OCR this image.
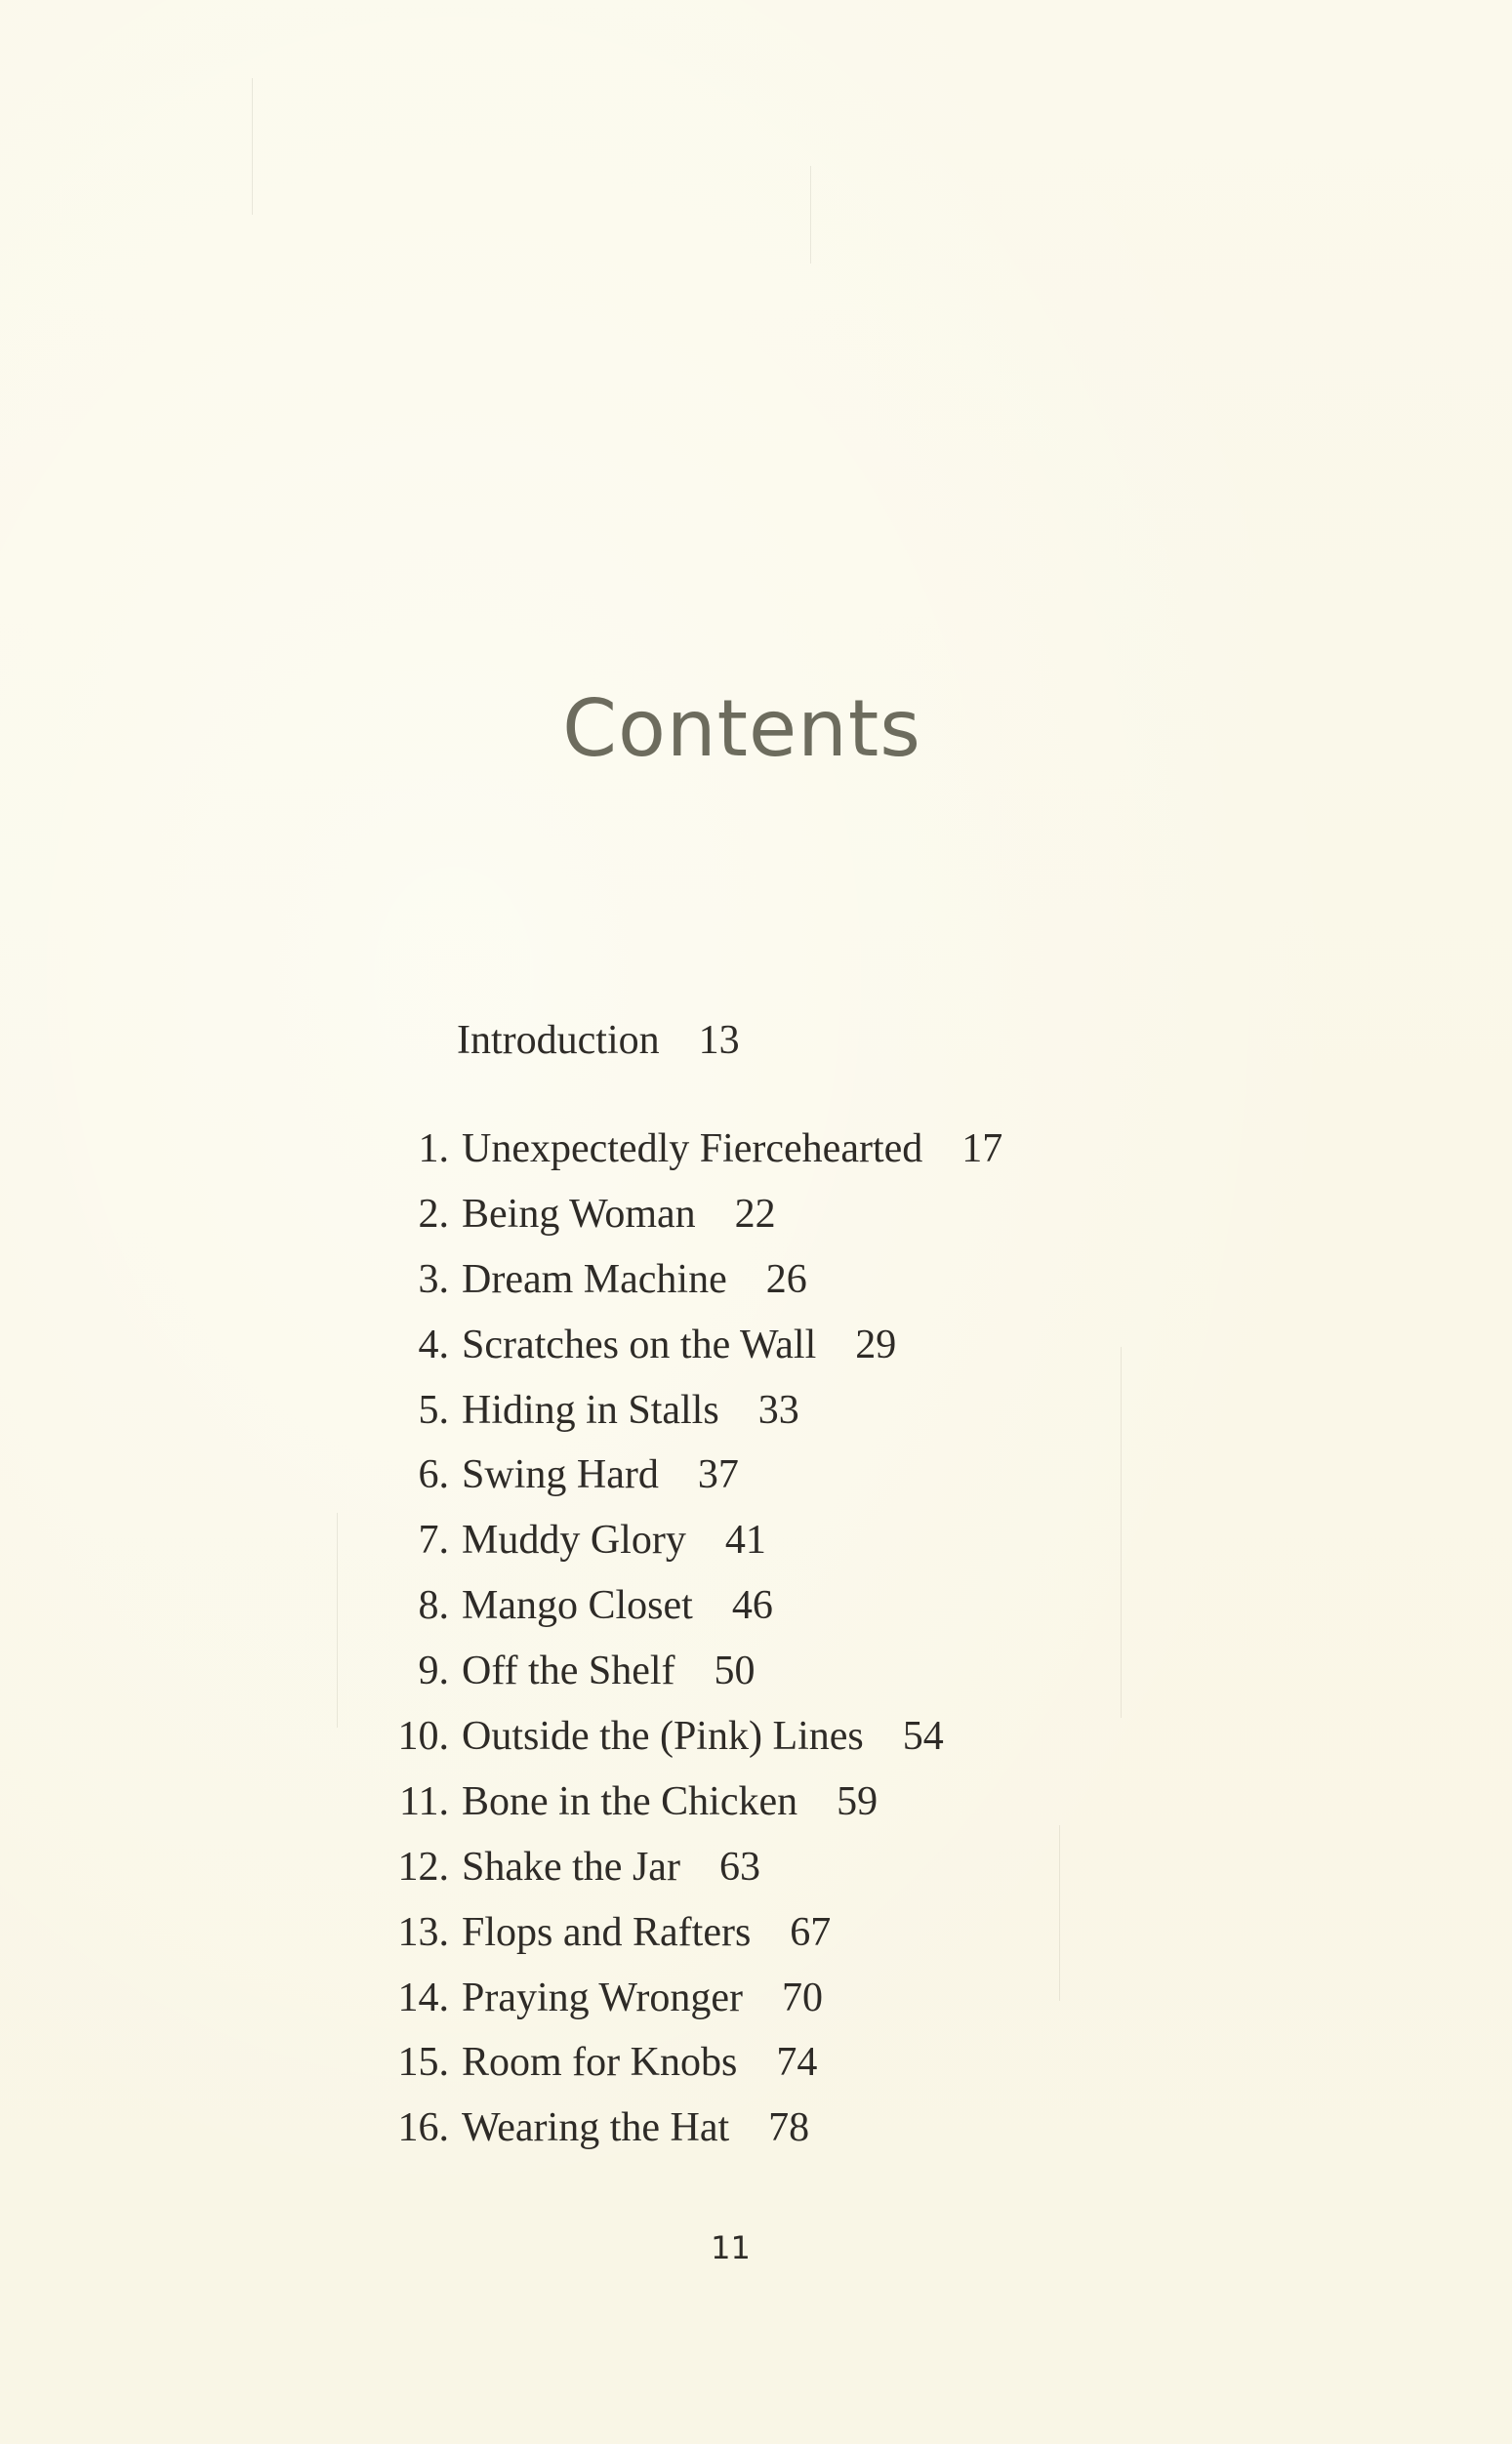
Contents
Introduction 13
1. Unexpectedly Fiercehearted 17
2. Being Woman 22
3. Dream Machine 26
4. Scratches on the Wall 29
5. Hiding in Stalls 33
6. Swing Hard 37
7. Muddy Glory 41
8. Mango Closet 46
9. Off the Shelf 50
10. Outside the (Pink) Lines 54
11. Bone in the Chicken 59
12. Shake the Jar 63
13. Flops and Rafters 67
14. Praying Wronger 70
15. Room for Knobs 74
16. Wearing the Hat 78
11
